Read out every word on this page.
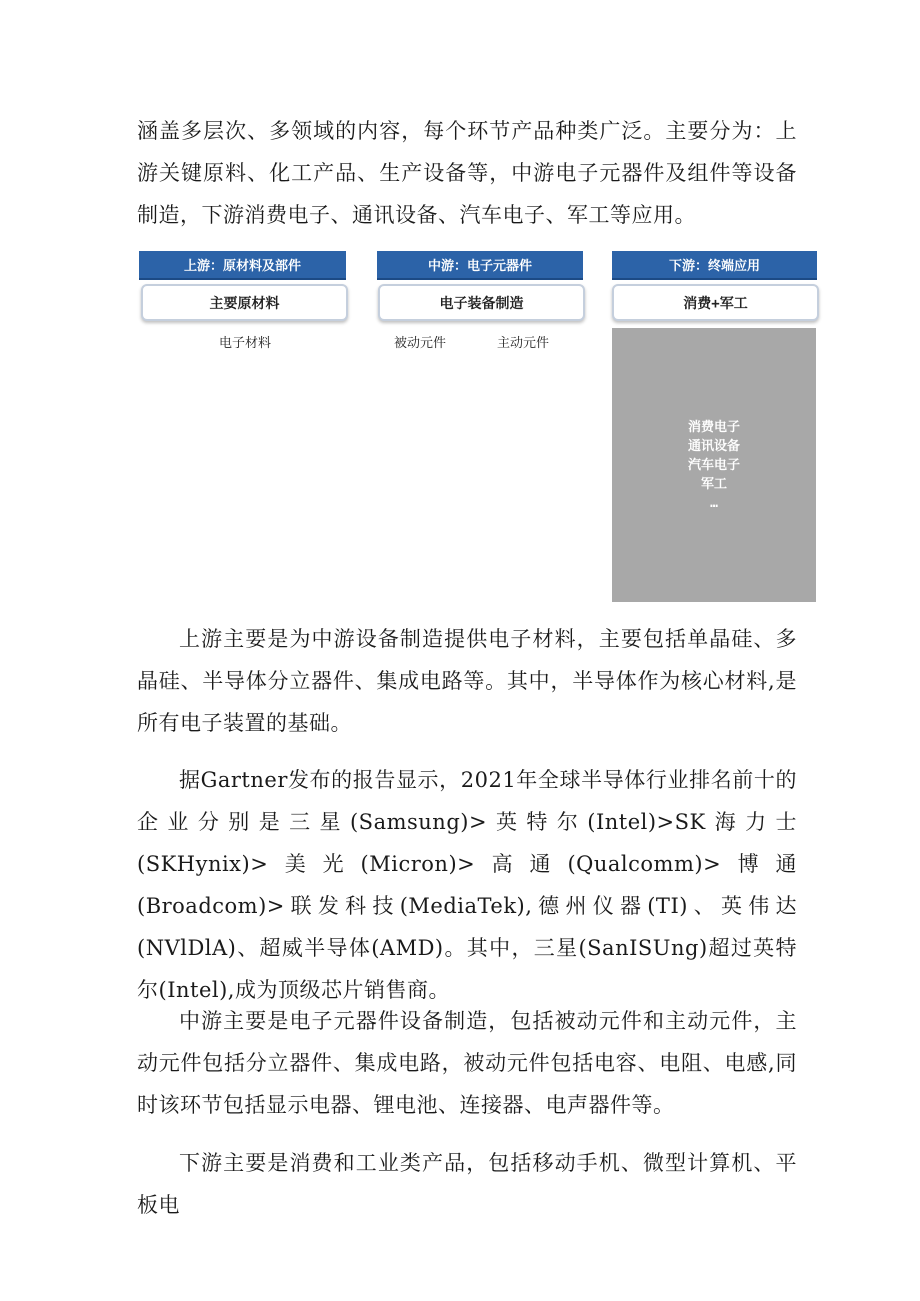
涵盖多层次、多领域的内容，每个环节产品种类广泛。主要分为：上游关键原料、化工产品、生产设备等，中游电子元器件及组件等设备制造，下游消费电子、通讯设备、汽车电子、军工等应用。

上游：原材料及部件	中游：电子元器件	下游：终端应用
主要原材料	电子装备制造	消费+军工
电子材料	被动元件	主动元件
消费电子
通讯设备
汽车电子
军工
…

上游主要是为中游设备制造提供电子材料，主要包括单晶硅、多晶硅、半导体分立器件、集成电路等。其中，半导体作为核心材料,是所有电子装置的基础。

据Gartner发布的报告显示，2021年全球半导体行业排名前十的企业分别是三星(Samsung)>英特尔(Intel)>SK海力士(SKHynix)>美光(Micron)>高通(Qualcomm)>博通(Broadcom)>联发科技(MediaTek),德州仪器(TI)、英伟达(NVlDlA)、超威半导体(AMD)。其中，三星(SanISUng)超过英特尔(Intel),成为顶级芯片销售商。

中游主要是电子元器件设备制造，包括被动元件和主动元件，主动元件包括分立器件、集成电路，被动元件包括电容、电阻、电感,同时该环节包括显示电器、锂电池、连接器、电声器件等。

下游主要是消费和工业类产品，包括移动手机、微型计算机、平板电
